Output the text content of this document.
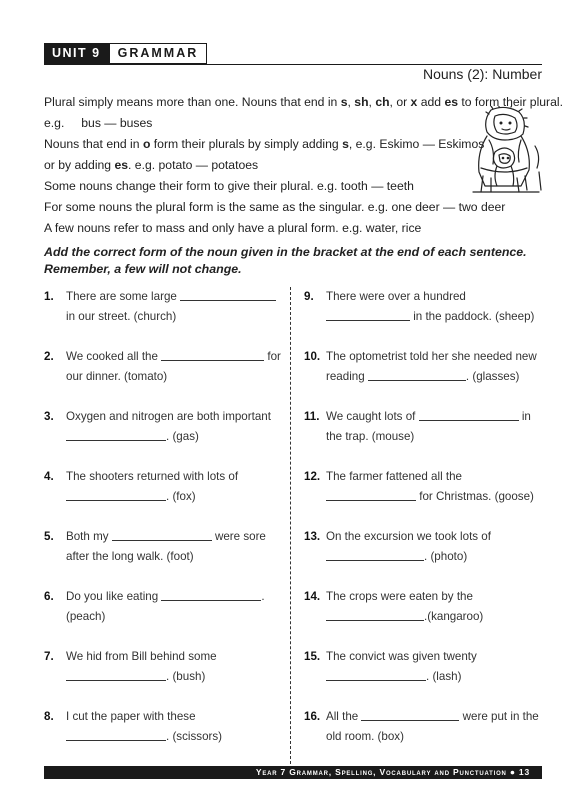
UNIT 9	GRAMMAR
Nouns (2): Number

Plural simply means more than one. Nouns that end in s, sh, ch, or x add es to form their plural.

e.g.     bus — buses

Nouns that end in o form their plurals by simply adding s, e.g. Eskimo — Eskimos

or by adding es. e.g. potato — potatoes

Some nouns change their form to give their plural. e.g. tooth — teeth

For some nouns the plural form is the same as the singular. e.g. one deer — two deer

A few nouns refer to mass and only have a plural form. e.g. water, rice

Add the correct form of the noun given in the bracket at the end of each sentence.
Remember, a few will not change.
1. There are some large  in our street. (church)
2. We cooked all the	for our dinner. (tomato)
3. Oxygen and nitrogen are both important
. (gas)
4. The shooters returned with lots of
. (fox)
5. Both my	were sore after the long walk. (foot)
6. Do you like eating	. (peach)
7. We hid from Bill behind some
. (bush)
8. I cut the paper with these
. (scissors)
9. There were over a hundred
in the paddock. (sheep)
10. The optometrist told her she needed new reading	. (glasses)
11. We caught lots of	in the trap. (mouse)
12. The farmer fattened all the
for Christmas. (goose)
13. On the excursion we took lots of
. (photo)
14. The crops were eaten by the
.(kangaroo)
15. The convict was given twenty
. (lash)
16. All the	were put in the old room. (box)
Year 7 Grammar, Spelling, Vocabulary and Punctuation ● 13
